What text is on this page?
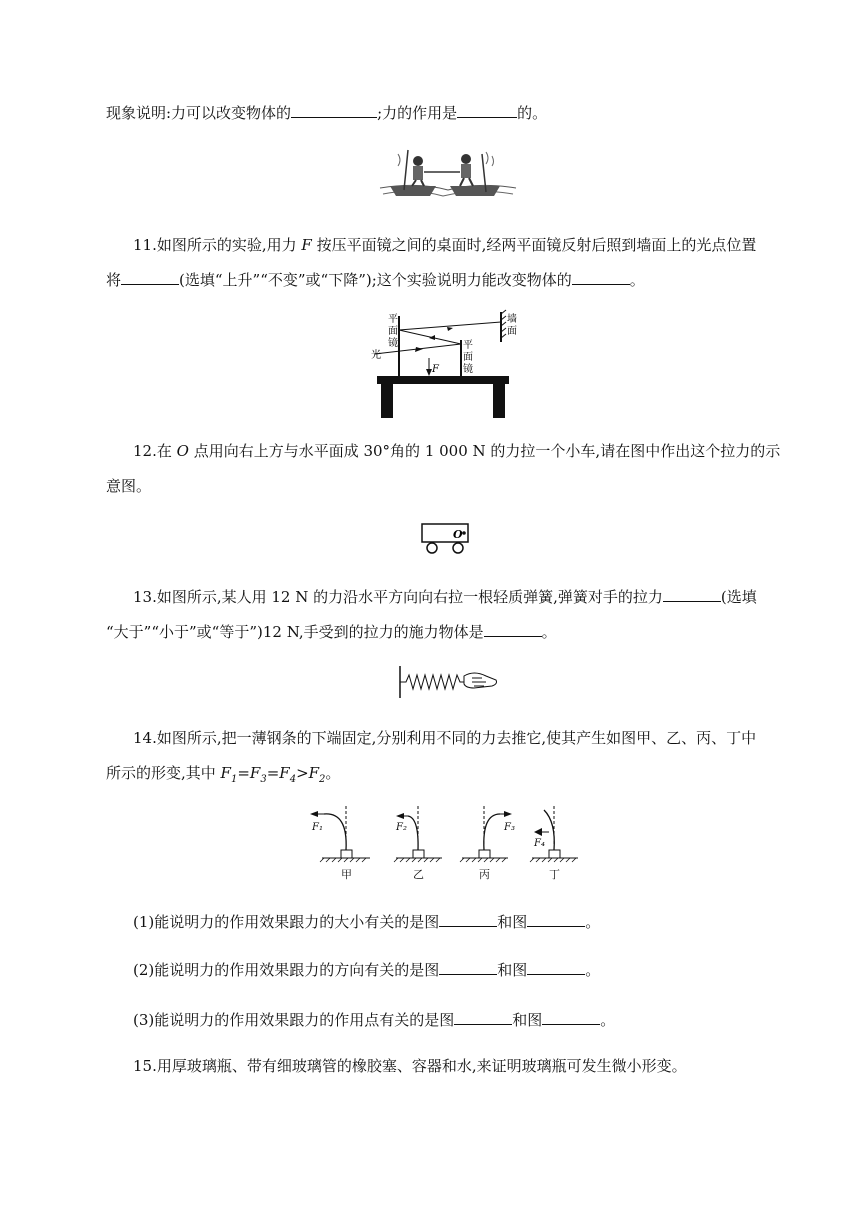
现象说明:力可以改变物体的	;力的作用是	的。
11.如图所示的实验,用力 F 按压平面镜之间的桌面时,经两平面镜反射后照到墙面上的光点位置
将	(选填“上升”“不变”或“下降”);这个实验说明力能改变物体的	。
平
面
镜	平
面
镜
墙
面
光
F
12.在 O 点用向右上方与水平面成 30°角的 1 000 N 的力拉一个小车,请在图中作出这个拉力的示
意图。
O
13.如图所示,某人用 12 N 的力沿水平方向向右拉一根轻质弹簧,弹簧对手的拉力	(选填
“大于”“小于”或“等于”)12 N,手受到的拉力的施力物体是	。
14.如图所示,把一薄钢条的下端固定,分别利用不同的力去推它,使其产生如图甲、乙、丙、丁中
所示的形变,其中 $F_1=F_3=F_4>F_2$。
F₁	F₂	F₃
F₄
甲	乙	丙	丁
(1)能说明力的作用效果跟力的大小有关的是图	和图	。
(2)能说明力的作用效果跟力的方向有关的是图	和图	。
(3)能说明力的作用效果跟力的作用点有关的是图	和图	。
15.用厚玻璃瓶、带有细玻璃管的橡胶塞、容器和水,来证明玻璃瓶可发生微小形变。
